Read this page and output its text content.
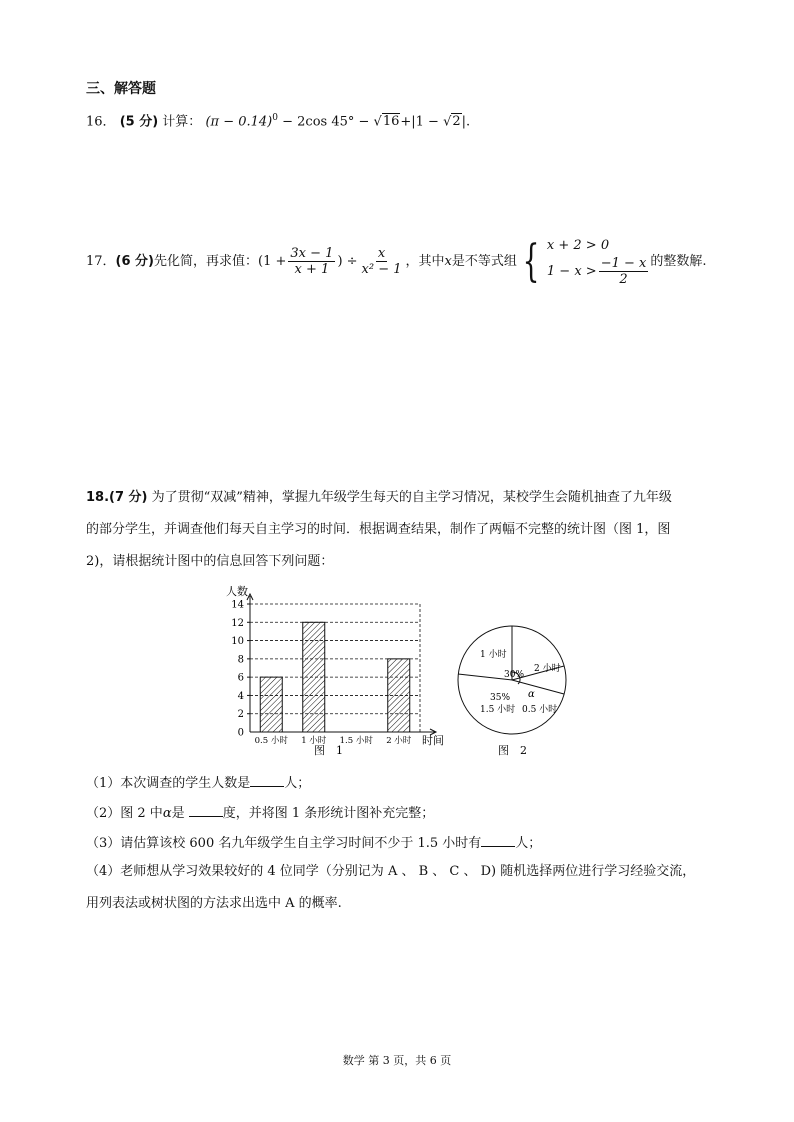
三、解答题
16． (5 分) 计算： $(\pi - 0.14)^0 - 2\cos$ 45° − √16+|1 − √2|.
17． (6 分) 先化简，再求值： ($1 + \frac{3x - 1}{x + 1}$ ) ÷ $\frac{x}{\text{x² − 1}}$ ，其中 x 是不等式组 { x + 2 > 0
$1 - x > \frac{-1 - x}{2}$ 的整数解.
18.(7 分) 为了贯彻“双减”精神，掌握九年级学生每天的自主学习情况，某校学生会随机抽查了九年级
的部分学生，并调查他们每天自主学习的时间．根据调查结果，制作了两幅不完整的统计图（图 1，图
2)，请根据统计图中的信息回答下列问题：
0
2
4
6
8
10
12
14
0.5 小时 1 小时 1.5 小时 2 小时
人数
时间
图　1
1 小时
30%
2 小时
α
0.5 小时
35%
1.5 小时
图　2
（1）本次调查的学生人数是	人；
（2）图 2 中α是	度，并将图 1 条形统计图补充完整；
（3）请估算该校 600 名九年级学生自主学习时间不少于 1.5 小时有	人；
（4）老师想从学习效果较好的 4 位同学（分别记为 A 、 B 、 C 、 D) 随机选择两位进行学习经验交流，
用列表法或树状图的方法求出选中 A 的概率.
数学 第 3 页，共 6 页
